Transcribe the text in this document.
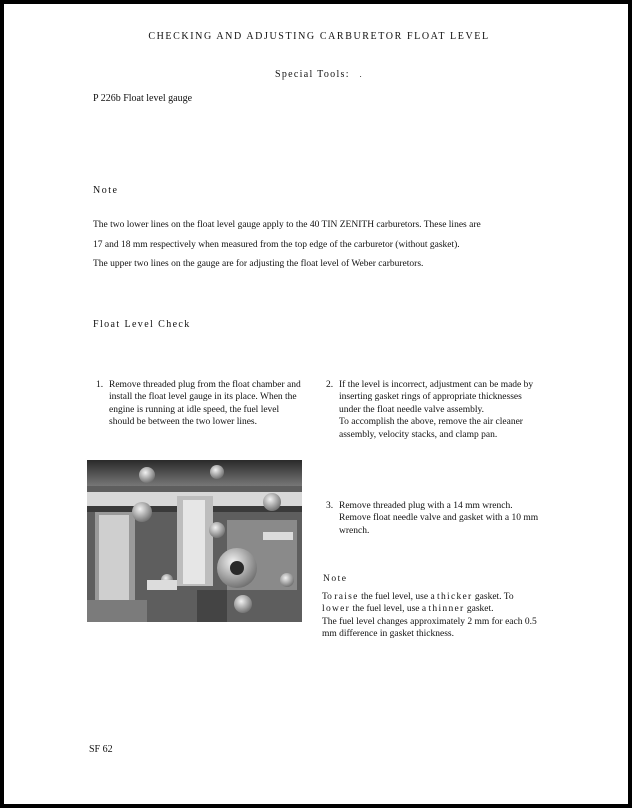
CHECKING AND ADJUSTING CARBURETOR FLOAT LEVEL
Special Tools: .
P 226b Float level gauge
Note
The two lower lines on the float level gauge apply to the 40 TIN ZENITH carburetors. These lines are
17 and 18 mm respectively when measured from the top edge of the carburetor (without gasket).
The upper two lines on the gauge are for adjusting the float level of Weber carburetors.
Float Level Check
1. Remove threaded plug from the float chamber and install the float level gauge in its place. When the engine is running at idle speed, the fuel level should be between the two lower lines.
2. If the level is incorrect, adjustment can be made by inserting gasket rings of appropriate thicknesses under the float needle valve assembly.
To accomplish the above, remove the air cleaner assembly, velocity stacks, and clamp pan.
3. Remove threaded plug with a 14 mm wrench. Remove float needle valve and gasket with a 10 mm wrench.
Note
To raise the fuel level, use a thicker gasket. To lower the fuel level, use a thinner gasket.
The fuel level changes approximately 2 mm for each 0.5 mm difference in gasket thickness.
SF 62
